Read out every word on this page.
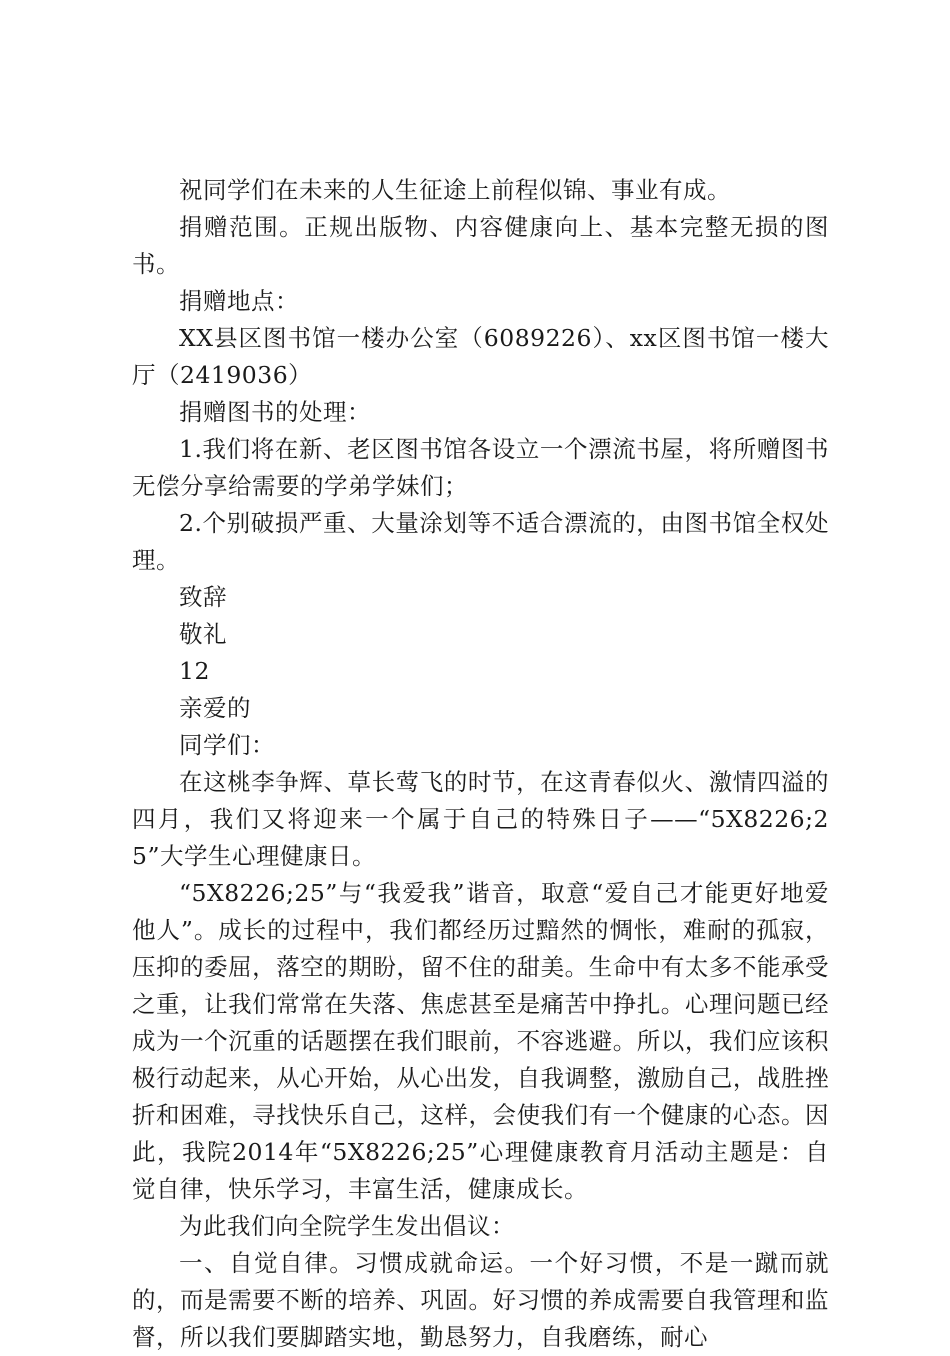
祝同学们在未来的人生征途上前程似锦、事业有成。

捐赠范围。正规出版物、内容健康向上、基本完整无损的图书。

捐赠地点：

XX县区图书馆一楼办公室（6089226）、xx区图书馆一楼大厅（2419036）

捐赠图书的处理：

1.我们将在新、老区图书馆各设立一个漂流书屋，将所赠图书无偿分享给需要的学弟学妹们；

2.个别破损严重、大量涂划等不适合漂流的，由图书馆全权处理。

致辞

敬礼

12

亲爱的

同学们：

在这桃李争辉、草长莺飞的时节，在这青春似火、激情四溢的四月，我们又将迎来一个属于自己的特殊日子——“5X8226;25”大学生心理健康日。

“5X8226;25”与“我爱我”谐音，取意“爱自己才能更好地爱他人”。成长的过程中，我们都经历过黯然的惆怅，难耐的孤寂，压抑的委屈，落空的期盼，留不住的甜美。生命中有太多不能承受之重，让我们常常在失落、焦虑甚至是痛苦中挣扎。心理问题已经成为一个沉重的话题摆在我们眼前，不容逃避。所以，我们应该积极行动起来，从心开始，从心出发，自我调整，激励自己，战胜挫折和困难，寻找快乐自己，这样，会使我们有一个健康的心态。因此，我院2014年“5X8226;25”心理健康教育月活动主题是：自觉自律，快乐学习，丰富生活，健康成长。

为此我们向全院学生发出倡议：

一、自觉自律。习惯成就命运。一个好习惯，不是一蹴而就的，而是需要不断的培养、巩固。好习惯的养成需要自我管理和监督，所以我们要脚踏实地，勤恳努力，自我磨练，耐心
